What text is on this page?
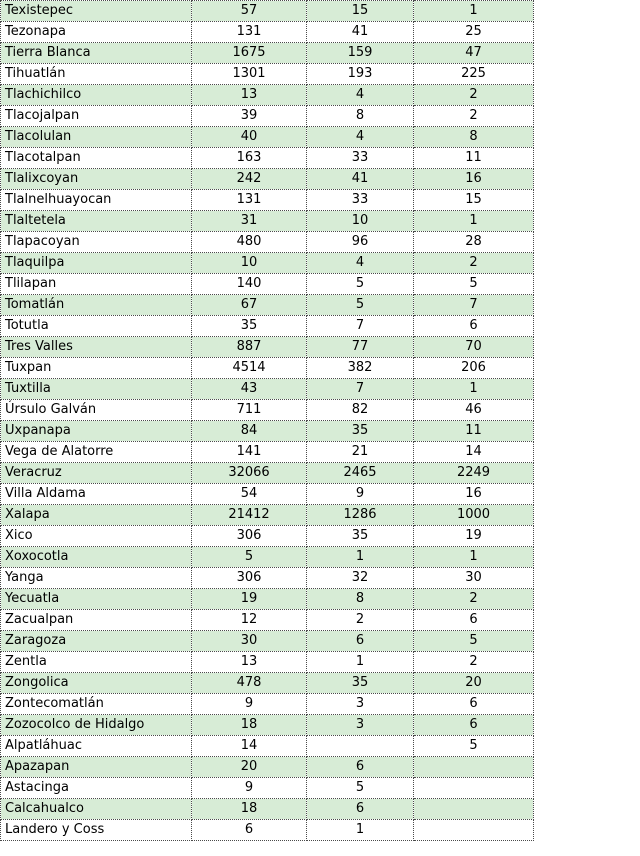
Texistepec	57	15	1
Tezonapa	131	41	25
Tierra Blanca	1675	159	47
Tihuatlán	1301	193	225
Tlachichilco	13	4	2
Tlacojalpan	39	8	2
Tlacolulan	40	4	8
Tlacotalpan	163	33	11
Tlalixcoyan	242	41	16
Tlalnelhuayocan	131	33	15
Tlaltetela	31	10	1
Tlapacoyan	480	96	28
Tlaquilpa	10	4	2
Tlilapan	140	5	5
Tomatlán	67	5	7
Totutla	35	7	6
Tres Valles	887	77	70
Tuxpan	4514	382	206
Tuxtilla	43	7	1
Úrsulo Galván	711	82	46
Uxpanapa	84	35	11
Vega de Alatorre	141	21	14
Veracruz	32066	2465	2249
Villa Aldama	54	9	16
Xalapa	21412	1286	1000
Xico	306	35	19
Xoxocotla	5	1	1
Yanga	306	32	30
Yecuatla	19	8	2
Zacualpan	12	2	6
Zaragoza	30	6	5
Zentla	13	1	2
Zongolica	478	35	20
Zontecomatlán	9	3	6
Zozocolco de Hidalgo	18	3	6
Alpatláhuac	14		5
Apazapan	20	6	
Astacinga	9	5	
Calcahualco	18	6	
Landero y Coss	6	1	
